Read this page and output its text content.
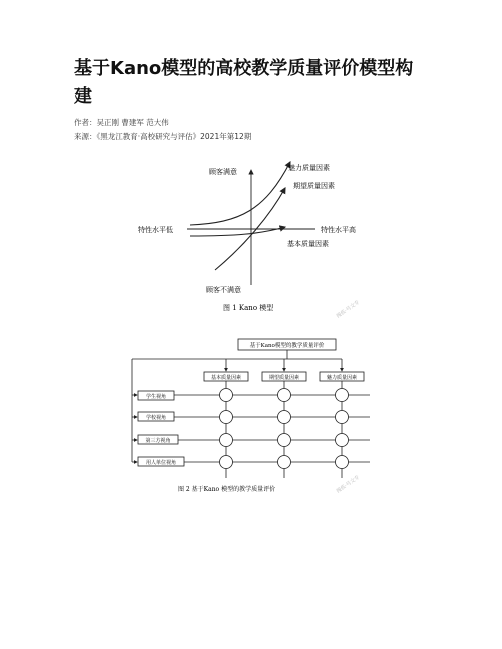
基于Kano模型的高校教学质量评价模型构
建
作者：吴正刚 曹建军 范大伟
来源：《黑龙江教育·高校研究与评估》2021年第12期
顾客满意
顾客不满意
特性水平低	特性水平高
魅力质量因素
期望质量因素
基本质量因素
图 1 Kano 模型	搜狐·号文专
基于Kano模型的教学质量评价
基本质量因素	期望质量因素	魅力质量因素
学生视角
学校视角
第三方视角
用人单位视角
图 2 基于Kano 模型的教学质量评价	搜狐·号文专
